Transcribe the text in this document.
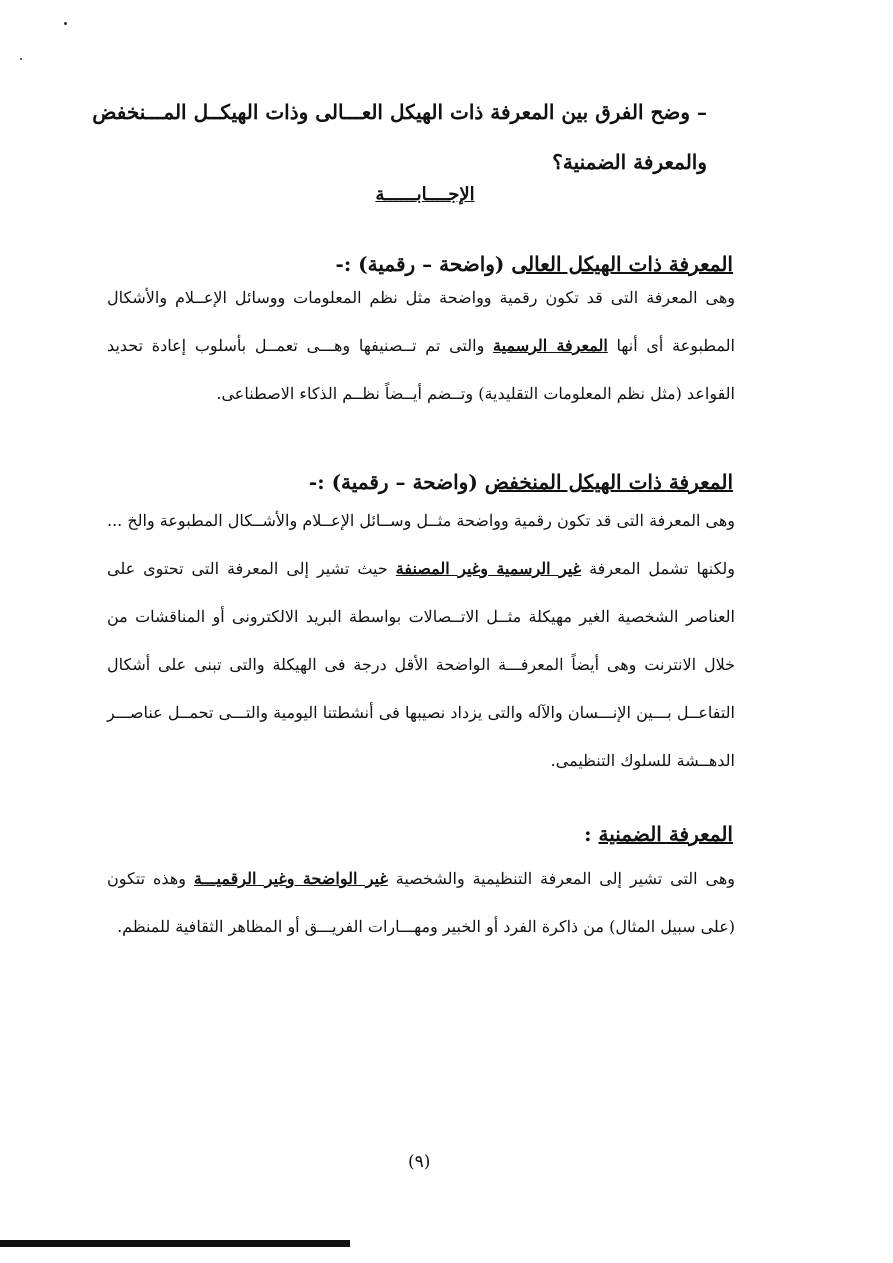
– وضح الفرق بين المعرفة ذات الهيكل العـــالى وذات الهيكــل المـــنخفض
والمعرفة الضمنية؟
الإجــــابــــــة
المعرفة ذات الهيكل العالى (واضحة – رقمية) :-
وهى المعرفة التى قد تكون رقمية وواضحة مثل نظم المعلومات ووسائل الإعــلام والأشكال المطبوعة أى أنها المعرفة الرسمية والتى تم تــصنيفها وهـــى تعمــل بأسلوب إعادة تحديد القواعد (مثل نظم المعلومات التقليدية) وتــضم أيــضاً نظــم الذكاء الاصطناعى.
المعرفة ذات الهيكل المنخفض (واضحة – رقمية) :-
وهى المعرفة التى قد تكون رقمية وواضحة مثــل وســائل الإعــلام والأشــكال المطبوعة والخ ... ولكنها تشمل المعرفة غير الرسمية وغير المصنفة حيث تشير إلى المعرفة التى تحتوى على العناصر الشخصية الغير مهيكلة مثــل الاتــصالات بواسطة البريد الالكترونى أو المناقشات من خلال الانترنت وهى أيضاً المعرفـــة الواضحة الأقل درجة فى الهيكلة والتى تبنى على أشكال التفاعــل بـــين الإنـــسان والآله والتى يزداد نصيبها فى أنشطتنا اليومية والتـــى تحمــل عناصـــر الدهــشة للسلوك التنظيمى.
المعرفة الضمنية :
وهى التى تشير إلى المعرفة التنظيمية والشخصية غير الواضحة وغير الرقميـــة وهذه تتكون (على سبيل المثال) من ذاكرة الفرد أو الخبير ومهـــارات الفريـــق أو المظاهر الثقافية للمنظم.
(٩)
